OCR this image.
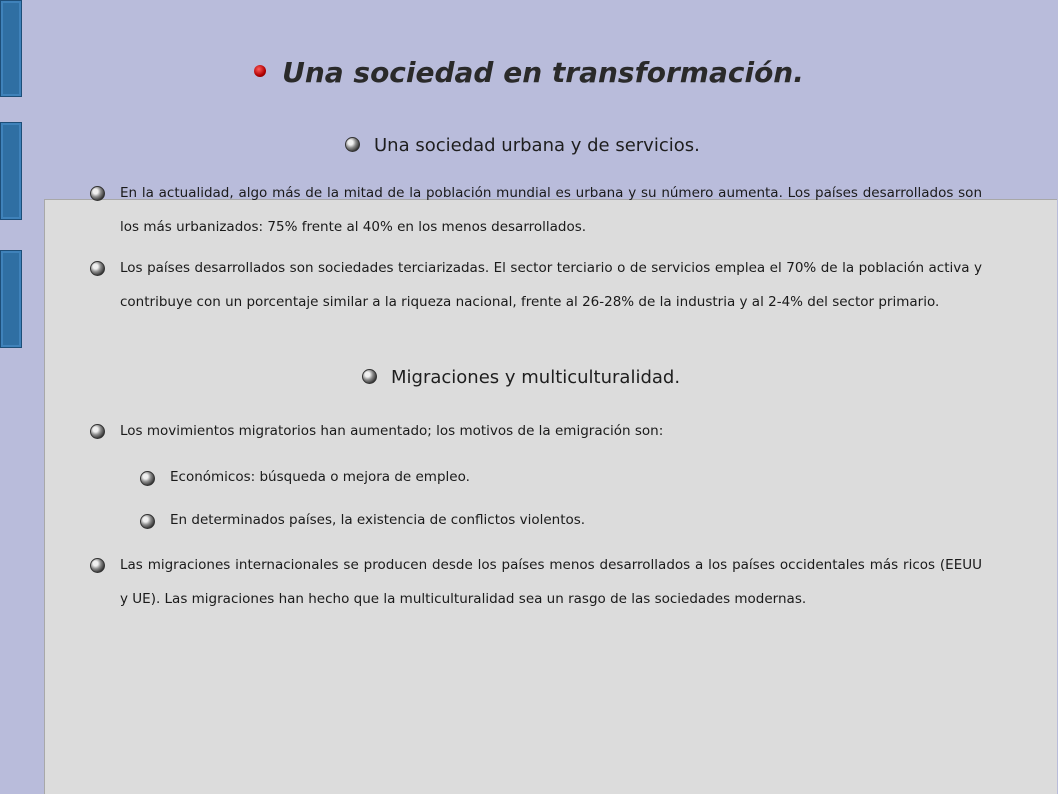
Una sociedad en transformación.
Una sociedad urbana y de servicios.
En la actualidad, algo más de la mitad de la población mundial es urbana y su número aumenta. Los países desarrollados son los más urbanizados: 75% frente al 40% en los menos desarrollados.
Los países desarrollados son sociedades terciarizadas. El sector terciario o de servicios emplea el 70% de la población activa y contribuye con un porcentaje similar a la riqueza nacional, frente al 26-28% de la industria y al 2-4% del sector primario.
Migraciones y multiculturalidad.
Los movimientos migratorios han aumentado; los motivos de la emigración son:
Económicos: búsqueda o mejora de empleo.
En determinados países, la existencia de conflictos violentos.
Las migraciones internacionales se producen desde los países menos desarrollados a los países occidentales más ricos (EEUU y UE). Las migraciones han hecho que la multiculturalidad sea un rasgo de las sociedades modernas.
